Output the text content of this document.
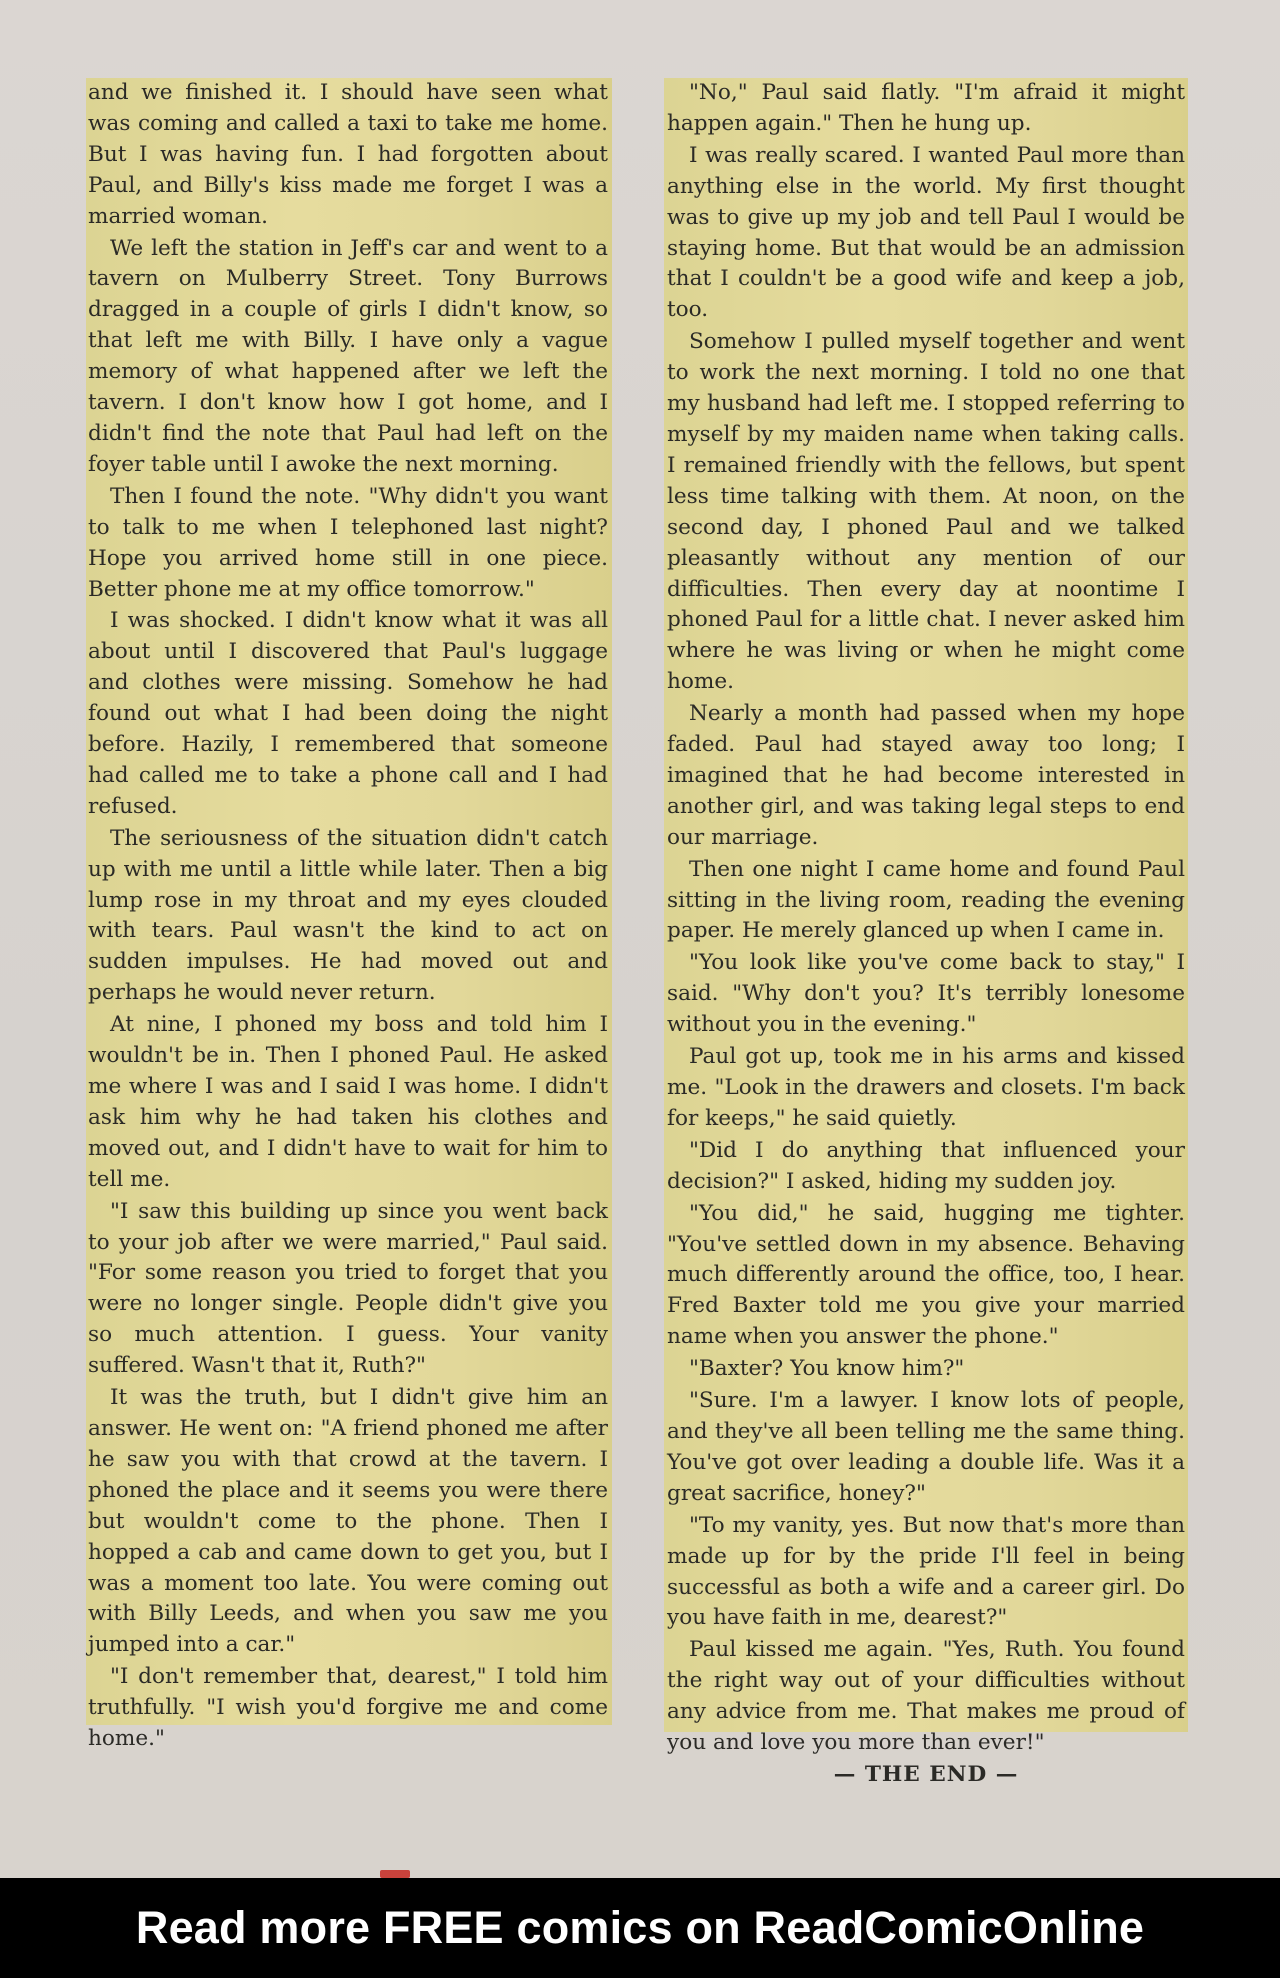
and we finished it. I should have seen what was coming and called a taxi to take me home. But I was having fun. I had forgotten about Paul, and Billy's kiss made me forget I was a married woman.

We left the station in Jeff's car and went to a tavern on Mulberry Street. Tony Burrows dragged in a couple of girls I didn't know, so that left me with Billy. I have only a vague memory of what happened after we left the tavern. I don't know how I got home, and I didn't find the note that Paul had left on the foyer table until I awoke the next morning.

Then I found the note. "Why didn't you want to talk to me when I telephoned last night? Hope you arrived home still in one piece. Better phone me at my office tomorrow."

I was shocked. I didn't know what it was all about until I discovered that Paul's luggage and clothes were missing. Somehow he had found out what I had been doing the night before. Hazily, I remembered that someone had called me to take a phone call and I had refused.

The seriousness of the situation didn't catch up with me until a little while later. Then a big lump rose in my throat and my eyes clouded with tears. Paul wasn't the kind to act on sudden impulses. He had moved out and perhaps he would never return.

At nine, I phoned my boss and told him I wouldn't be in. Then I phoned Paul. He asked me where I was and I said I was home. I didn't ask him why he had taken his clothes and moved out, and I didn't have to wait for him to tell me.

"I saw this building up since you went back to your job after we were married," Paul said. "For some reason you tried to forget that you were no longer single. People didn't give you so much attention. I guess. Your vanity suffered. Wasn't that it, Ruth?"

It was the truth, but I didn't give him an answer. He went on: "A friend phoned me after he saw you with that crowd at the tavern. I phoned the place and it seems you were there but wouldn't come to the phone. Then I hopped a cab and came down to get you, but I was a moment too late. You were coming out with Billy Leeds, and when you saw me you jumped into a car."

"I don't remember that, dearest," I told him truthfully. "I wish you'd forgive me and come home."

"No," Paul said flatly. "I'm afraid it might happen again." Then he hung up.

I was really scared. I wanted Paul more than anything else in the world. My first thought was to give up my job and tell Paul I would be staying home. But that would be an admission that I couldn't be a good wife and keep a job, too.

Somehow I pulled myself together and went to work the next morning. I told no one that my husband had left me. I stopped referring to myself by my maiden name when taking calls. I remained friendly with the fellows, but spent less time talking with them. At noon, on the second day, I phoned Paul and we talked pleasantly without any mention of our difficulties. Then every day at noontime I phoned Paul for a little chat. I never asked him where he was living or when he might come home.

Nearly a month had passed when my hope faded. Paul had stayed away too long; I imagined that he had become interested in another girl, and was taking legal steps to end our marriage.

Then one night I came home and found Paul sitting in the living room, reading the evening paper. He merely glanced up when I came in.

"You look like you've come back to stay," I said. "Why don't you? It's terribly lonesome without you in the evening."

Paul got up, took me in his arms and kissed me. "Look in the drawers and closets. I'm back for keeps," he said quietly.

"Did I do anything that influenced your decision?" I asked, hiding my sudden joy.

"You did," he said, hugging me tighter. "You've settled down in my absence. Behaving much differently around the office, too, I hear. Fred Baxter told me you give your married name when you answer the phone."

"Baxter? You know him?"

"Sure. I'm a lawyer. I know lots of people, and they've all been telling me the same thing. You've got over leading a double life. Was it a great sacrifice, honey?"

"To my vanity, yes. But now that's more than made up for by the pride I'll feel in being successful as both a wife and a career girl. Do you have faith in me, dearest?"

Paul kissed me again. "Yes, Ruth. You found the right way out of your difficulties without any advice from me. That makes me proud of you and love you more than ever!"

— THE END —

Read more FREE comics on ReadComicOnline
